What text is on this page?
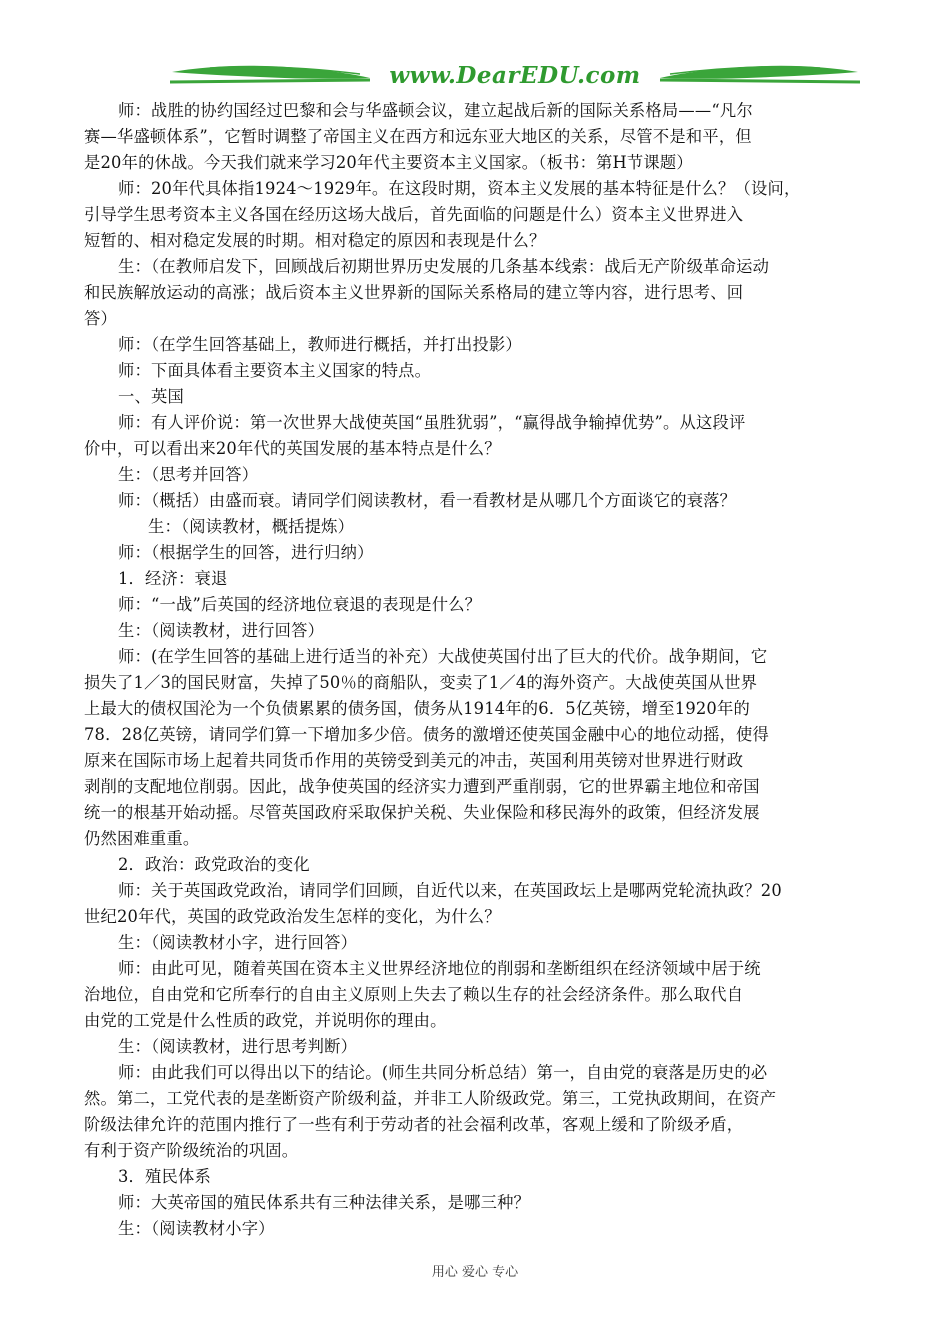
www.DearEDU.com
师：战胜的协约国经过巴黎和会与华盛顿会议，建立起战后新的国际关系格局——“凡尔
赛—华盛顿体系”，它暂时调整了帝国主义在西方和远东亚大地区的关系，尽管不是和平，但
是20年的休战。今天我们就来学习20年代主要资本主义国家。（板书：第H节课题）
师：20年代具体指1924～1929年。在这段时期，资本主义发展的基本特征是什么？（设问，
引导学生思考资本主义各国在经历这场大战后，首先面临的问题是什么）资本主义世界进入
短暂的、相对稳定发展的时期。相对稳定的原因和表现是什么？
生：（在教师启发下，回顾战后初期世界历史发展的几条基本线索：战后无产阶级革命运动
和民族解放运动的高涨；战后资本主义世界新的国际关系格局的建立等内容，进行思考、回
答）
师：（在学生回答基础上，教师进行概括，并打出投影）
师：下面具体看主要资本主义国家的特点。
一、英国
师：有人评价说：第一次世界大战使英国“虽胜犹弱”，“赢得战争输掉优势”。从这段评
价中，可以看出来20年代的英国发展的基本特点是什么？
生：（思考并回答）
师：（概括）由盛而衰。请同学们阅读教材，看一看教材是从哪几个方面谈它的衰落？
生：（阅读教材，概括提炼）
师：（根据学生的回答，进行归纳）
1．经济：衰退
师：“一战”后英国的经济地位衰退的表现是什么？
生：（阅读教材，进行回答）
师：(在学生回答的基础上进行适当的补充）大战使英国付出了巨大的代价。战争期间，它
损失了1／3的国民财富，失掉了50％的商船队，变卖了1／4的海外资产。大战使英国从世界
上最大的债权国沦为一个负债累累的债务国，债务从1914年的6．5亿英镑，增至1920年的
78．28亿英镑，请同学们算一下增加多少倍。债务的激增还使英国金融中心的地位动摇，使得
原来在国际市场上起着共同货币作用的英镑受到美元的冲击，英国利用英镑对世界进行财政
剥削的支配地位削弱。因此，战争使英国的经济实力遭到严重削弱，它的世界霸主地位和帝国
统一的根基开始动摇。尽管英国政府采取保护关税、失业保险和移民海外的政策，但经济发展
仍然困难重重。
2．政治：政党政治的变化
师：关于英国政党政治，请同学们回顾，自近代以来，在英国政坛上是哪两党轮流执政？20
世纪20年代，英国的政党政治发生怎样的变化，为什么？
生：（阅读教材小字，进行回答）
师：由此可见，随着英国在资本主义世界经济地位的削弱和垄断组织在经济领域中居于统
治地位，自由党和它所奉行的自由主义原则上失去了赖以生存的社会经济条件。那么取代自
由党的工党是什么性质的政党，并说明你的理由。
生：（阅读教材，进行思考判断）
师：由此我们可以得出以下的结论。(师生共同分析总结）第一，自由党的衰落是历史的必
然。第二，工党代表的是垄断资产阶级利益，并非工人阶级政党。第三，工党执政期间，在资产
阶级法律允许的范围内推行了一些有利于劳动者的社会福利改革，客观上缓和了阶级矛盾，
有利于资产阶级统治的巩固。
3．殖民体系
师：大英帝国的殖民体系共有三种法律关系，是哪三种？
生：（阅读教材小字）
用心 爱心 专心
